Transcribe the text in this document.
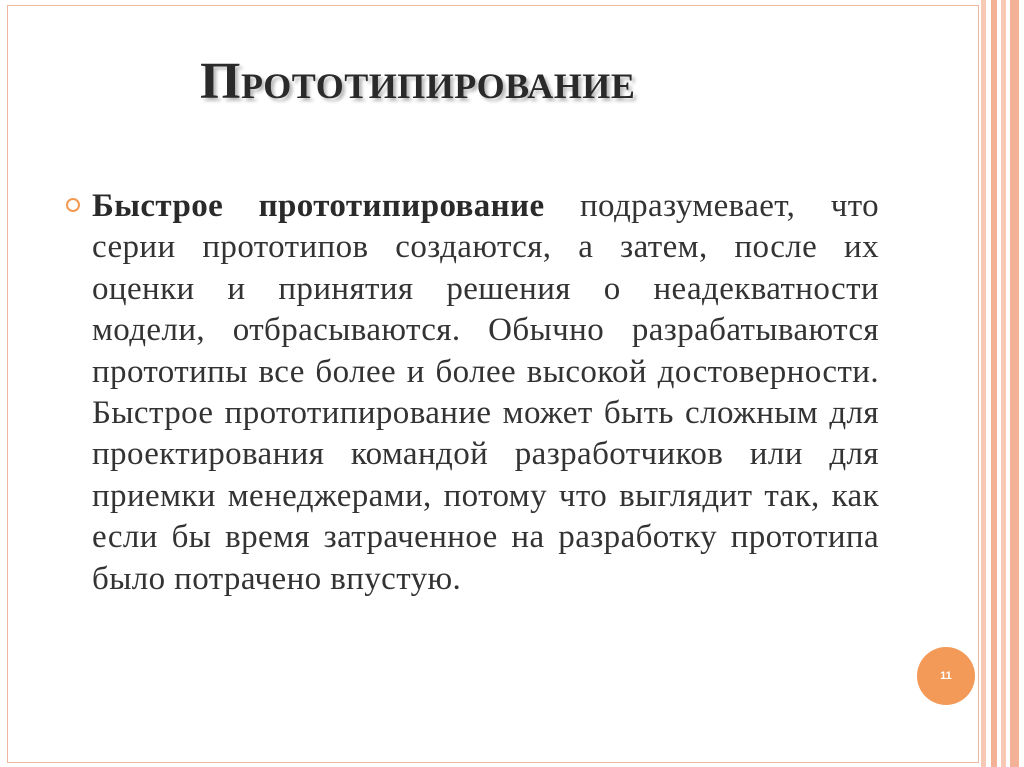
Прототипирование

Быстрое прототипирование подразумевает, что серии прототипов создаются, а затем, после их оценки и принятия решения о неадекватности модели, отбрасываются. Обычно разрабатываются прототипы все более и более высокой достоверности. Быстрое прототипирование может быть сложным для проектирования командой разработчиков или для приемки менеджерами, потому что выглядит так, как если бы время затраченное на разработку прототипа было потрачено впустую.

11
